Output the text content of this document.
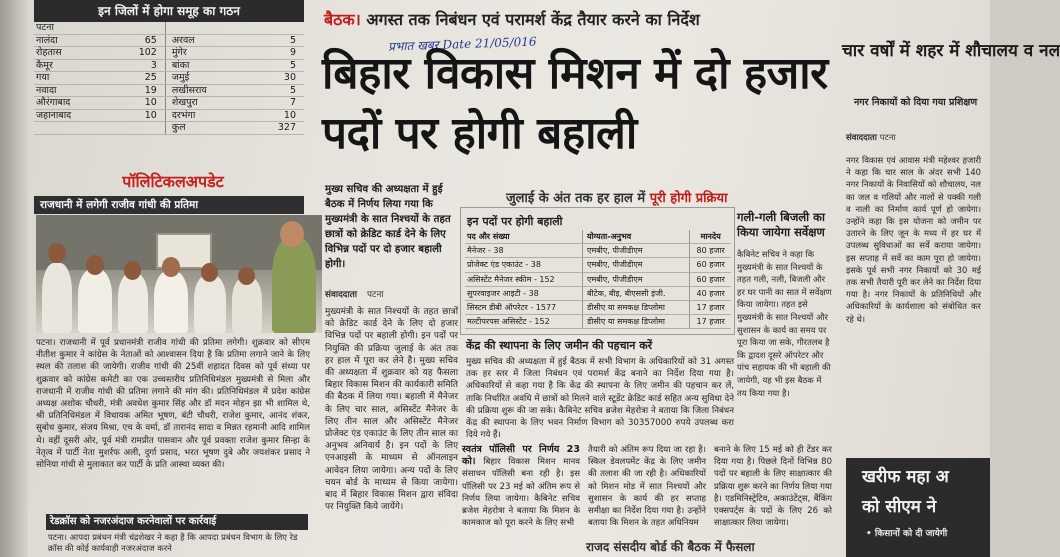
इन जिलों में होगा समूह का गठन
पटना			
नालंदा	65	अरवल	5
रोहतास	102	मुंगेर	9
कैमूर	3	बांका	5
गया	25	जमुई	30
नवादा	19	लखीसराय	5
औरंगाबाद	10	शेखपुरा	7
जहानाबाद	10	दरभंगा	10
		कुल	327
पॉलिटिकलअपडेट
राजधानी में लगेगी राजीव गांधी की प्रतिमा
पटना। राजधानी में पूर्व प्रधानमंत्री राजीव गांधी की प्रतिमा लगेगी। शुक्रवार को सीएम नीतीश कुमार ने कांग्रेस के नेताओं को आश्वासन दिया है कि प्रतिमा लगाने जाने के लिए स्थल की तलाश की जायेगी। राजीव गांधी की 25वीं शहादत दिवस को पूर्व संध्या पर शुक्रवार को कांग्रेस कमेटी का एक उच्चस्तरीय प्रतिनिधिमंडल मुख्यमंत्री से मिला और राजधानी में राजीव गांधी की प्रतिमा लगाने की मांग की। प्रतिनिधिमंडल में प्रदेश कांग्रेस अध्यक्ष अशोक चौधरी, मंत्री अवधेश कुमार सिंह और डॉ मदन मोहन झा भी शामिल थे, श्री प्रतिनिधिमंडल में विधायक अमित भूषण, बंटी चौधरी, राजेश कुमार, आनंद शंकर, सुबोध कुमार, संजय मिश्रा, एच के वर्मा, डॉ तारानंद सादा व मिन्नत रहमानी आदि शामिल थे। वहीं दूसरी ओर, पूर्व मंत्री रामप्रीत पासवान और पूर्व प्रवक्ता राजेश कुमार सिन्हा के नेतृत्व में पार्टी नेता मुशर्रफ अली, दुर्गा प्रसाद, भरत भूषण दुबे और जयशंकर प्रसाद ने सोनिया गांधी से मुलाकात कर पार्टी के प्रति आस्था व्यक्त की।
रेडक्रॉस को नजरअंदाज करनेवालों पर कार्रवाई
पटना। आपदा प्रबंधन मंत्री चंद्रशेखर ने कहा है कि आपदा प्रबंधन विभाग के लिए रेड क्रॉस की कोई कार्यवाही नजरअंदाज करने
बैठक। अगस्त तक निबंधन एवं परामर्श केंद्र तैयार करने का निर्देश
प्रभात खबर Date 21/05/016
बिहार विकास मिशन में दो हजार पदों पर होगी बहाली
मुख्य सचिव की अध्यक्षता में हुई बैठक में निर्णय लिया गया कि मुख्यमंत्री के सात निश्चयों के तहत छात्रों को क्रेडिट कार्ड देने के लिए विभिन्न पदों पर दो हजार बहाली होगी।
संवाददाता पटना
मुख्यमंत्री के सात निश्चयों के तहत छात्रों को क्रेडिट कार्ड देने के लिए दो हजार विभिन्न पदों पर बहाली होगी। इन पदों पर नियुक्ति की प्रक्रिया जुलाई के अंत तक हर हाल में पूरा कर लेने है। मुख्य सचिव की अध्यक्षता में शुक्रवार को यह फैसला बिहार विकास मिशन की कार्यकारी समिति की बैठक में लिया गया। बहाली में मैनेजर के लिए चार साल, असिस्टेंट मैनेजर के लिए तीन साल और असिस्टेंट मैनेजर प्रोजेक्ट एंड एकाउंट के लिए तीन साल का अनुभव अनिवार्य है। इन पदों के लिए एनआइसी के माध्यम से ऑनलाइन आवेदन लिया जायेगा। अन्य पदों के लिए चयन बोर्ड के माध्यम से किया जायेगा। बाद में बिहार विकास मिशन द्वारा संविदा पर नियुक्ति किये जायेंगे।
जुलाई के अंत तक हर हाल में पूरी होगी प्रक्रिया
इन पदों पर होगी बहाली
पद और संख्या	योग्यता-अनुभव	मानदेय
मैनेजर - 38	एमबीए, पीजीडीएम	80 हजार
प्रोजेक्ट एंड एकाउंट - 38	एमबीए, पीजीडीएम	60 हजार
असिस्टेंट मैनेजर स्कीम - 152	एमबीए, पीजीडीएम	60 हजार
सुपरवाइजर आइटी - 38	बीटेक, बीइ, बीएससी इंजी.	40 हजार
सिस्टम डीबी ऑपरेटर - 1577	डीसीए या समकक्ष डिप्लोमा	17 हजार
मल्टीपरपस असिस्टेंट - 152	डीसीए या समकक्ष डिप्लोमा	17 हजार
गली-गली बिजली का किया जायेगा सर्वेक्षण
कैबिनेट सचिव ने कहा कि मुख्यमंत्री के सात निश्चयों के तहत गली, नली, बिजली और हर घर पानी का सात में सर्वेक्षण किया जायेगा। तहत इसे मुख्यमंत्री के सात निश्चयों और सुशासन के कार्य का समय पर पूरा किया जा सके, गौरतलब है कि द्वादश दूसरे ऑपरेटर और पांच सहायक की भी बहाली की जायेगी, यह भी इस बैठक में तय किया गया है।
केंद्र की स्थापना के लिए जमीन की पहचान करें
मुख्य सचिव की अध्यक्षता में हुई बैठक में सभी विभाग के अधिकारियों को 31 अगस्त तक हर स्तर में जिला निबंधन एवं परामर्श केंद्र बनाने का निर्देश दिया गया है। अधिकारियों से कहा गया है कि केंद्र की स्थापना के लिए जमीन की पहचान कर लें, ताकि निर्धारित अवधि में छात्रों को मिलने वाले स्टूडेंट क्रेडिट कार्ड सहित अन्य सुविधा देने की प्रक्रिया शुरू की जा सके। कैबिनेट सचिव ब्रजेश मेहरोत्रा ने बताया कि जिला निबंधन केंद्र की स्थापना के लिए भवन निर्माण विभाग को 30357000 रुपये उपलब्ध करा दिये गये हैं।
स्वतंत्र पॉलिसी पर निर्णय 23 को। बिहार विकास मिशन मानव संसाधन पॉलिसी बना रही है। इस पॉलिसी पर 23 मई को अंतिम रूप से निर्णय लिया जायेगा। कैबिनेट सचिव ब्रजेश मेहरोत्रा ने बताया कि मिशन के कामकाज को पूरा करने के लिए सभी
तैयारी को अंतिम रूप दिया जा रहा है। स्किल डेवलपमेंट केंद्र के लिए जमीन की तलाश की जा रही है। अधिकारियों को मिशन मोड में सात निश्चयों और सुशासन के कार्य की हर सप्ताह समीक्षा का निर्देश दिया गया है। उन्होंने बताया कि मिशन के तहत अधिनियम
बनाने के लिए 15 मई को ही टेंडर कर दिया गया है। पिछले दिनों विभिन्न 80 पदों पर बहाली के लिए साक्षात्कार की प्रक्रिया शुरू करने का निर्णय लिया गया है। एडमिनिस्ट्रेटिव, अकाउंटेंट्स, बैंकिंग एक्सपर्ट्स के पदों के लिए 26 को साक्षात्कार लिया जायेगा।
राजद संसदीय बोर्ड की बैठक में फैसला
चार वर्षों में शहर में शौचालय व नल
नगर निकायों को दिया गया प्रशिक्षण
संवाददाता पटना
नगर विकास एवं आवास मंत्री महेश्वर हजारी ने कहा कि चार साल के अंदर सभी 140 नगर निकायों के निवासियों को शौचालय, नल का जल व गलियों और नालों से पक्की गली व नाली का निर्माण कार्य पूर्ण हो जायेगा। उन्होंने कहा कि इस योजना को जमीन पर उतारने के लिए जून के मध्य में हर घर में उपलब्ध सुविधाओं का सर्वे कराया जायेगा। इस सप्ताह में सर्वे का काम पूरा हो जायेगा। इसके पूर्व सभी नगर निकायों को 30 मई तक सभी तैयारी पूरी कर लेने का निर्देश दिया गया है। नगर निकायों के प्रतिनिधियों और अधिकारियों के कार्यशाला को संबोधित कर रहे थे।
खरीफ महा अ
को सीएम ने
• किसानों को दी जायेगी
